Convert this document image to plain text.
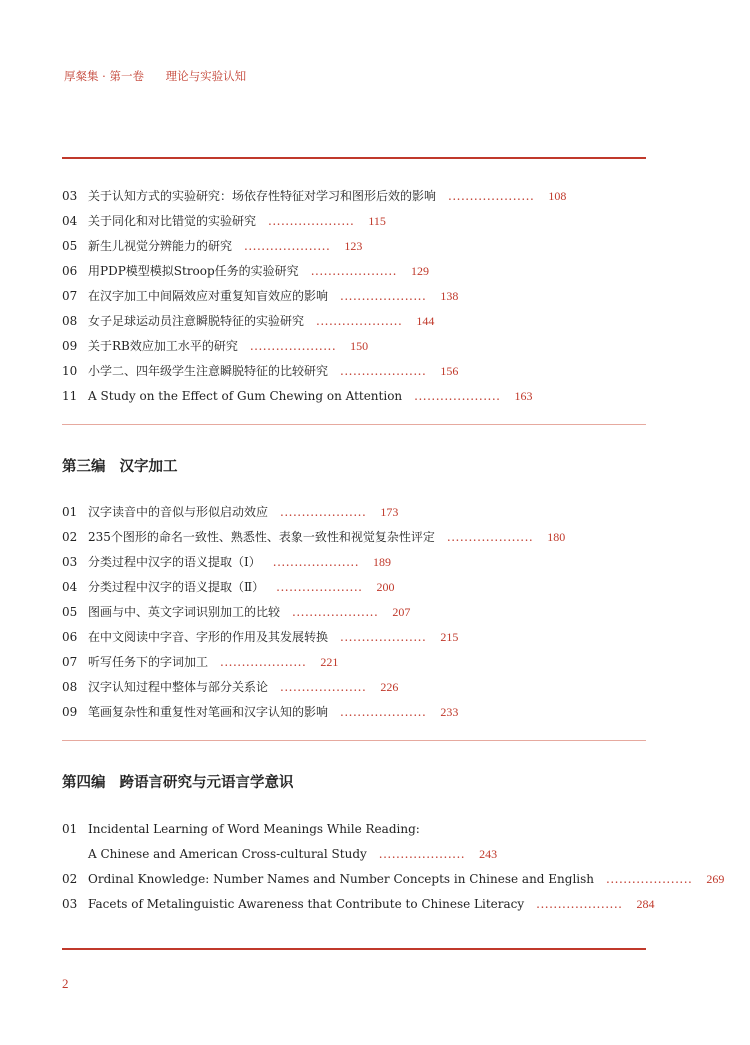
厚粲集 · 第一卷 理论与实验认知
03 关于认知方式的实验研究：场依存性特征对学习和图形后效的影响 .................... 108
04 关于同化和对比错觉的实验研究 .................... 115
05 新生儿视觉分辨能力的研究 .................... 123
06 用PDP模型模拟Stroop任务的实验研究 .................... 129
07 在汉字加工中间隔效应对重复知盲效应的影响 .................... 138
08 女子足球运动员注意瞬脱特征的实验研究 .................... 144
09 关于RB效应加工水平的研究 .................... 150
10 小学二、四年级学生注意瞬脱特征的比较研究 .................... 156
11 A Study on the Effect of Gum Chewing on Attention .................... 163
第三编 汉字加工
01 汉字读音中的音似与形似启动效应 .................... 173
02 235个图形的命名一致性、熟悉性、表象一致性和视觉复杂性评定 .................... 180
03 分类过程中汉字的语义提取（Ⅰ） .................... 189
04 分类过程中汉字的语义提取（Ⅱ） .................... 200
05 图画与中、英文字词识别加工的比较 .................... 207
06 在中文阅读中字音、字形的作用及其发展转换 .................... 215
07 听写任务下的字词加工 .................... 221
08 汉字认知过程中整体与部分关系论 .................... 226
09 笔画复杂性和重复性对笔画和汉字认知的影响 .................... 233
第四编 跨语言研究与元语言学意识
01 Incidental Learning of Word Meanings While Reading:
A Chinese and American Cross-cultural Study .................... 243
02 Ordinal Knowledge: Number Names and Number Concepts in Chinese and English .................... 269
03 Facets of Metalinguistic Awareness that Contribute to Chinese Literacy .................... 284
2
